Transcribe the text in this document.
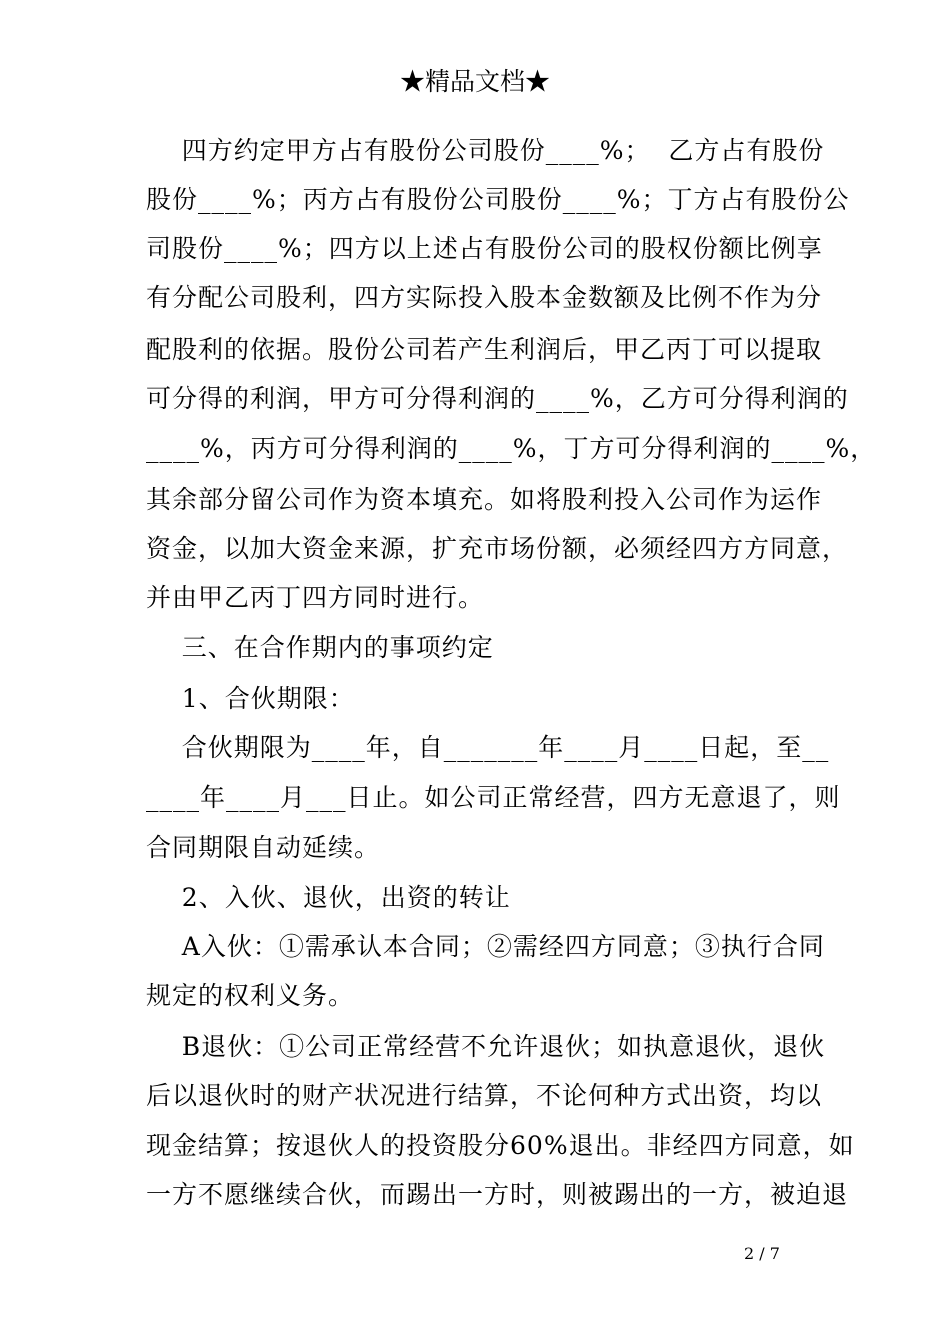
★精品文档★
四方约定甲方占有股份公司股份____%；  乙方占有股份
股份____%；丙方占有股份公司股份____%；丁方占有股份公
司股份____%；四方以上述占有股份公司的股权份额比例享
有分配公司股利，四方实际投入股本金数额及比例不作为分
配股利的依据。股份公司若产生利润后，甲乙丙丁可以提取
可分得的利润，甲方可分得利润的____%，乙方可分得利润的
____%，丙方可分得利润的____%，丁方可分得利润的____%，
其余部分留公司作为资本填充。如将股利投入公司作为运作
资金，以加大资金来源，扩充市场份额，必须经四方方同意，
并由甲乙丙丁四方同时进行。
三、在合作期内的事项约定
1、合伙期限：
合伙期限为____年，自_______年____月____日起，至__
____年____月___日止。如公司正常经营，四方无意退了，则
合同期限自动延续。
2、入伙、退伙，出资的转让
A入伙：①需承认本合同；②需经四方同意；③执行合同
规定的权利义务。
B退伙：①公司正常经营不允许退伙；如执意退伙，退伙
后以退伙时的财产状况进行结算，不论何种方式出资，均以
现金结算；按退伙人的投资股分60%退出。非经四方同意，如
一方不愿继续合伙，而踢出一方时，则被踢出的一方，被迫退
2 / 7
